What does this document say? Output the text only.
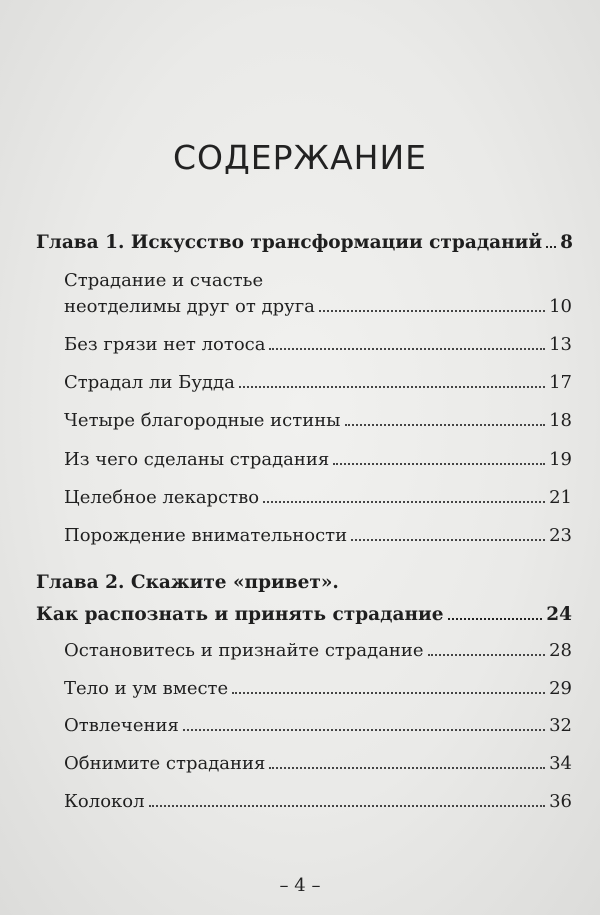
СОДЕРЖАНИЕ
Глава 1. Искусство трансформации страданий 8
Страдание и счастье
неотделимы друг от друга	10
Без грязи нет лотоса	13
Страдал ли Будда	17
Четыре благородные истины	18
Из чего сделаны страдания	19
Целебное лекарство	21
Порождение внимательности	23
Глава 2. Скажите «привет».
Как распознать и принять страдание	24
Остановитесь и признайте страдание	28
Тело и ум вместе	29
Отвлечения	32
Обнимите страдания	34
Колокол	36
– 4 –
